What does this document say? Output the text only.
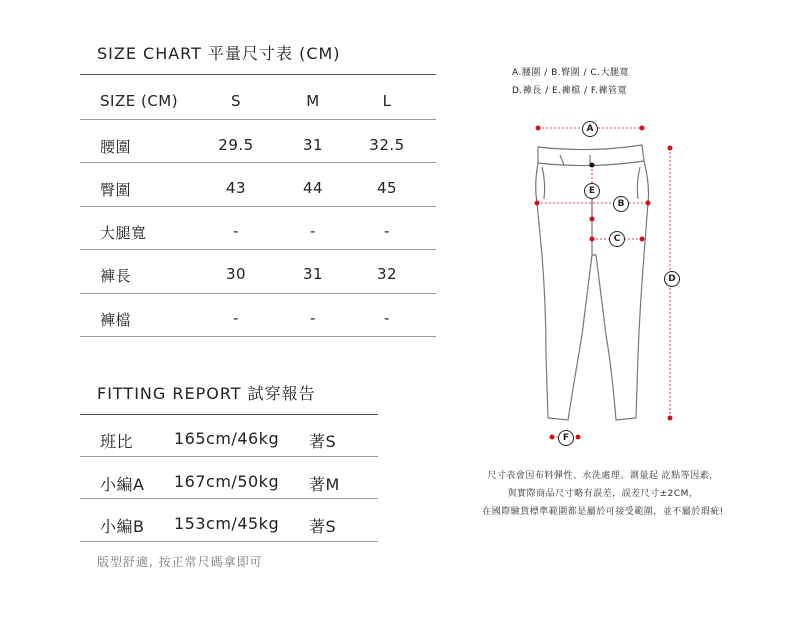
SIZE CHART 平量尺寸表 (CM)
SIZE (CM)	S	M	L
腰圍	29.5	31	32.5
臀圍	43	44	45
大腿寬	-	-	-
褲長	30	31	32
褲檔	-	-	-
FITTING REPORT 試穿報告
班比	165cm/46kg 著S
小編A 167cm/50kg 著M
小編B 153cm/45kg 著S
版型舒適, 按正常尺碼拿即可
A.腰圍 / B.臀圍 / C.大腿寬
D.褲長 / E.褲檔 / F.褲管寬
A
B
C
D
E
F
尺寸表會因布料彈性、水洗處理、測量起 訖點等因素，
與實際商品尺寸略有誤差，誤差尺寸±2CM，
在國際驗貨標準範圍都是屬於可接受範圍，並不屬於瑕疵!
